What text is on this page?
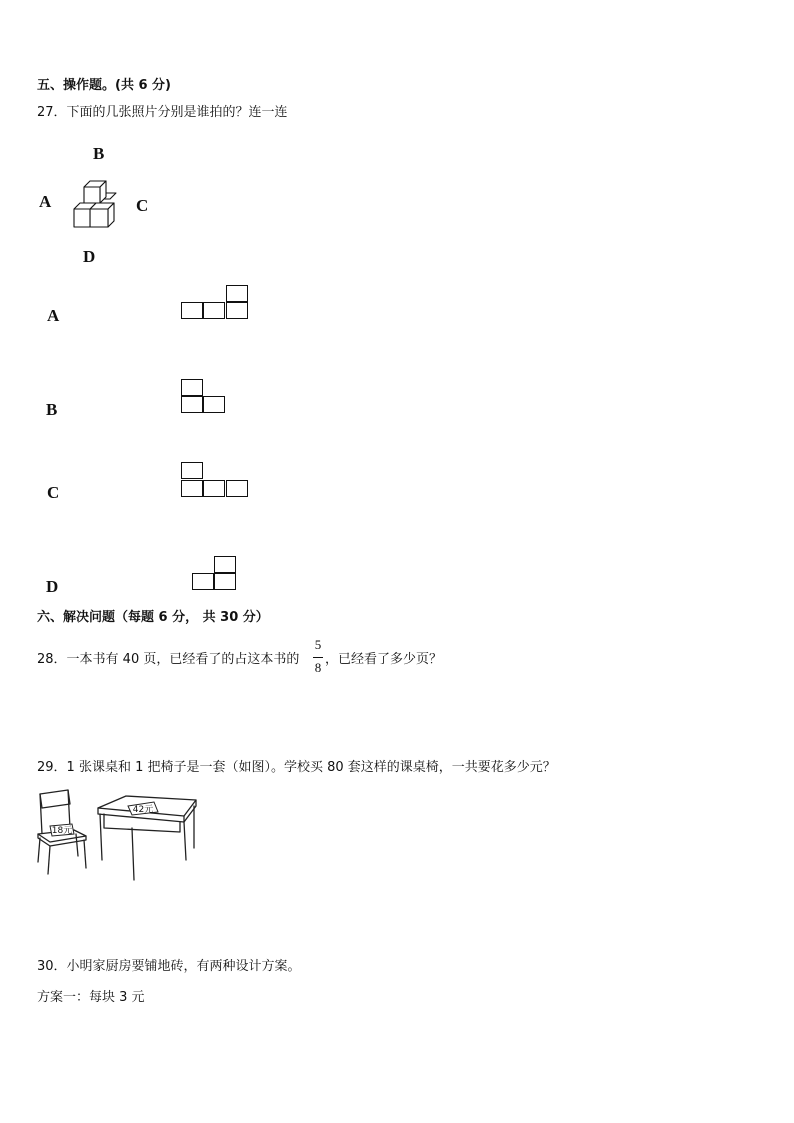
五、操作题。(共 6 分)
27．下面的几张照片分别是谁拍的？连一连
B
A	C
D
A
B
C
D
六、解决问题（每题 6 分， 共 30 分）
28．一本书有 40 页，已经看了的占这本书的
5
8
，已经看了多少页？
29．1 张课桌和 1 把椅子是一套（如图）。学校买 80 套这样的课桌椅，一共要花多少元？
18元
42元
30．小明家厨房要铺地砖，有两种设计方案。
方案一：每块 3 元
